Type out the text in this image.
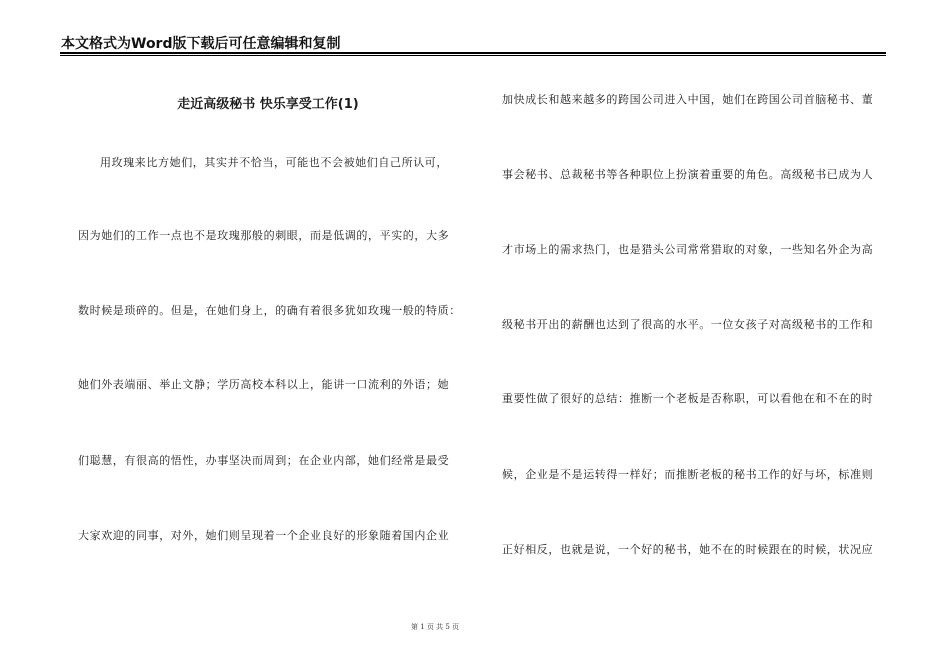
本文格式为Word版下载后可任意编辑和复制
走近高级秘书 快乐享受工作(1)
用玫瑰来比方她们，其实并不恰当，可能也不会被她们自己所认可，
因为她们的工作一点也不是玫瑰那般的刺眼，而是低调的，平实的，大多
数时候是琐碎的。但是，在她们身上，的确有着很多犹如玫瑰一般的特质：
她们外表端丽、举止文静；学历高校本科以上，能讲一口流利的外语；她
们聪慧，有很高的悟性，办事坚决而周到；在企业内部，她们经常是最受
大家欢迎的同事，对外，她们则呈现着一个企业良好的形象随着国内企业
加快成长和越来越多的跨国公司进入中国，她们在跨国公司首脑秘书、董
事会秘书、总裁秘书等各种职位上扮演着重要的角色。高级秘书已成为人
才市场上的需求热门，也是猎头公司常常猎取的对象，一些知名外企为高
级秘书开出的薪酬也达到了很高的水平。一位女孩子对高级秘书的工作和
重要性做了很好的总结：推断一个老板是否称职，可以看他在和不在的时
候，企业是不是运转得一样好；而推断老板的秘书工作的好与坏，标准则
正好相反，也就是说，一个好的秘书，她不在的时候跟在的时候，状况应
第 1 页 共 5 页
